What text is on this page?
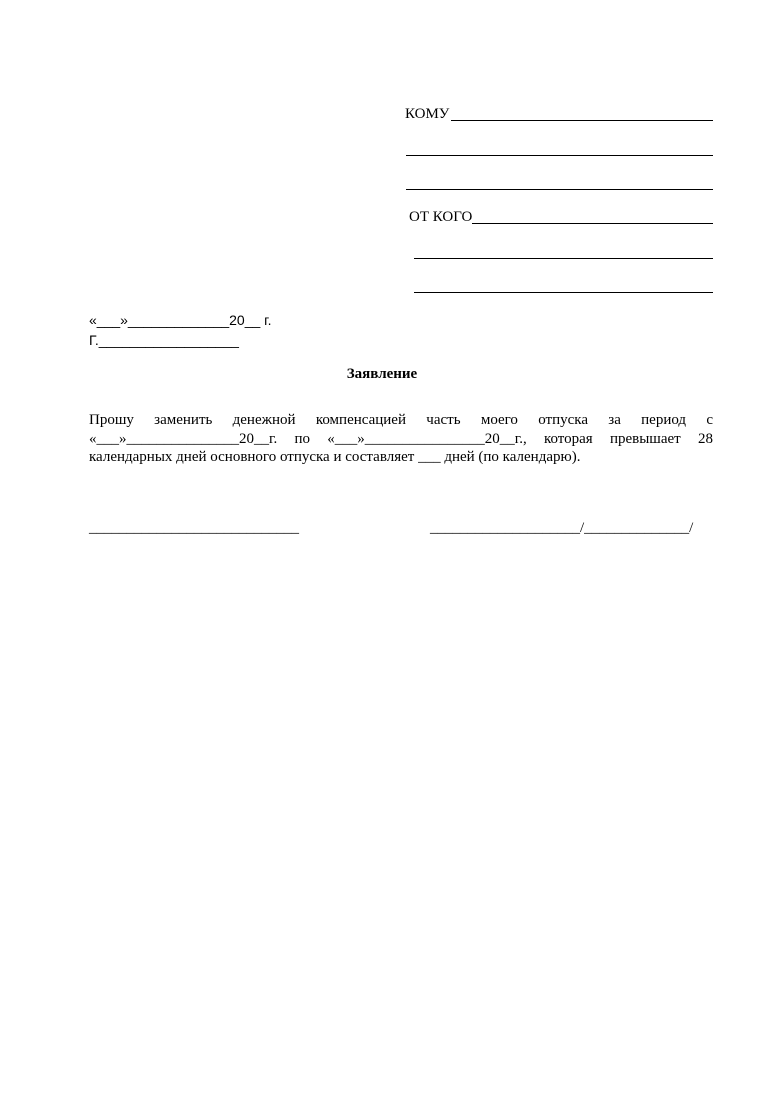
КОМУ
ОТ КОГО
«___»_____________20__ г.
Г.__________________
Заявление
Прошу заменить денежной компенсацией часть моего отпуска за период с
«___»_______________20__г. по «___»________________20__г., которая превышает 28
календарных дней основного отпуска и составляет ___ дней (по календарю).
____________________________	____________________/______________/
